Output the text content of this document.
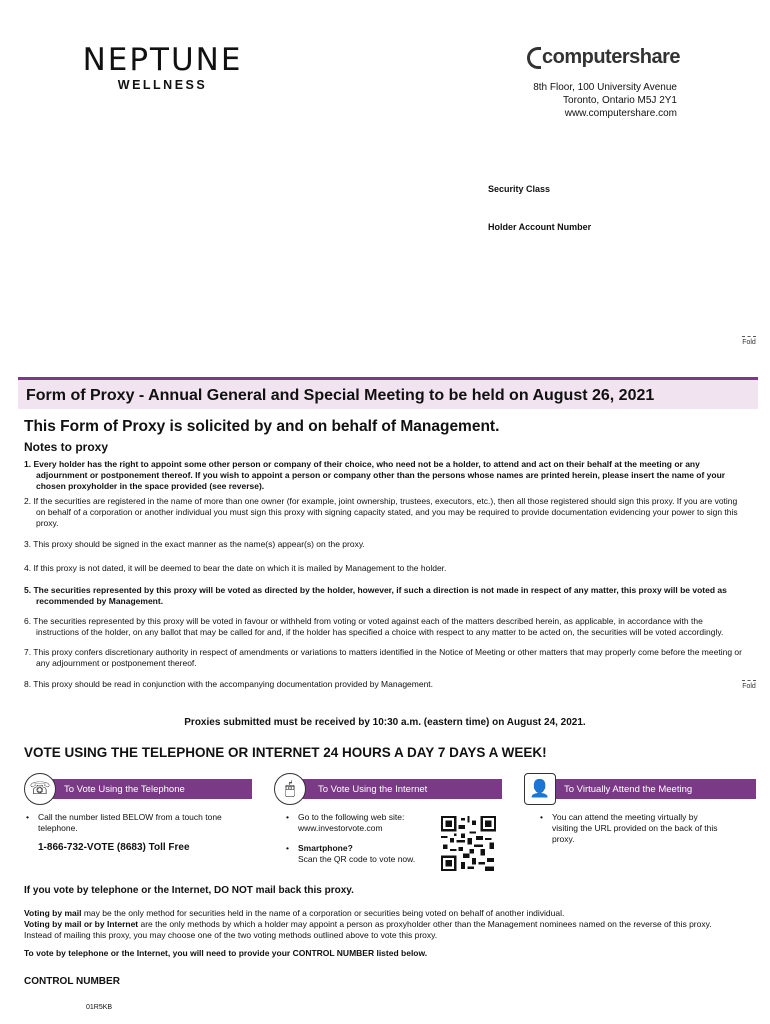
NEPTUNE
WELLNESS
computershare
8th Floor, 100 University Avenue
Toronto, Ontario M5J 2Y1
www.computershare.com
Security Class
Holder Account Number
Fold
Form of Proxy - Annual General and Special Meeting to be held on August 26, 2021
This Form of Proxy is solicited by and on behalf of Management.
Notes to proxy
1. Every holder has the right to appoint some other person or company of their choice, who need not be a holder, to attend and act on their behalf at the meeting or any adjournment or postponement thereof. If you wish to appoint a person or company other than the persons whose names are printed herein, please insert the name of your chosen proxyholder in the space provided (see reverse).
2. If the securities are registered in the name of more than one owner (for example, joint ownership, trustees, executors, etc.), then all those registered should sign this proxy. If you are voting on behalf of a corporation or another individual you must sign this proxy with signing capacity stated, and you may be required to provide documentation evidencing your power to sign this proxy.
3. This proxy should be signed in the exact manner as the name(s) appear(s) on the proxy.
4. If this proxy is not dated, it will be deemed to bear the date on which it is mailed by Management to the holder.
5. The securities represented by this proxy will be voted as directed by the holder, however, if such a direction is not made in respect of any matter, this proxy will be voted as recommended by Management.
6. The securities represented by this proxy will be voted in favour or withheld from voting or voted against each of the matters described herein, as applicable, in accordance with the instructions of the holder, on any ballot that may be called for and, if the holder has specified a choice with respect to any matter to be acted on, the securities will be voted accordingly.
7. This proxy confers discretionary authority in respect of amendments or variations to matters identified in the Notice of Meeting or other matters that may properly come before the meeting or any adjournment or postponement thereof.
8. This proxy should be read in conjunction with the accompanying documentation provided by Management.	Fold
Proxies submitted must be received by 10:30 a.m. (eastern time) on August 24, 2021.
VOTE USING THE TELEPHONE OR INTERNET 24 HOURS A DAY 7 DAYS A WEEK!
☏	To Vote Using the Telephone
•	Call the number listed BELOW from a touch tone telephone.
1-866-732-VOTE (8683) Toll Free
🖱	To Vote Using the Internet
•	Go to the following web site: www.investorvote.com
•	Smartphone?
Scan the QR code to vote now.
👤	To Virtually Attend the Meeting
•	You can attend the meeting virtually by visiting the URL provided on the back of this proxy.
If you vote by telephone or the Internet, DO NOT mail back this proxy.
Voting by mail may be the only method for securities held in the name of a corporation or securities being voted on behalf of another individual.
Voting by mail or by Internet are the only methods by which a holder may appoint a person as proxyholder other than the Management nominees named on the reverse of this proxy.
Instead of mailing this proxy, you may choose one of the two voting methods outlined above to vote this proxy.
To vote by telephone or the Internet, you will need to provide your CONTROL NUMBER listed below.
CONTROL NUMBER
01R5KB
